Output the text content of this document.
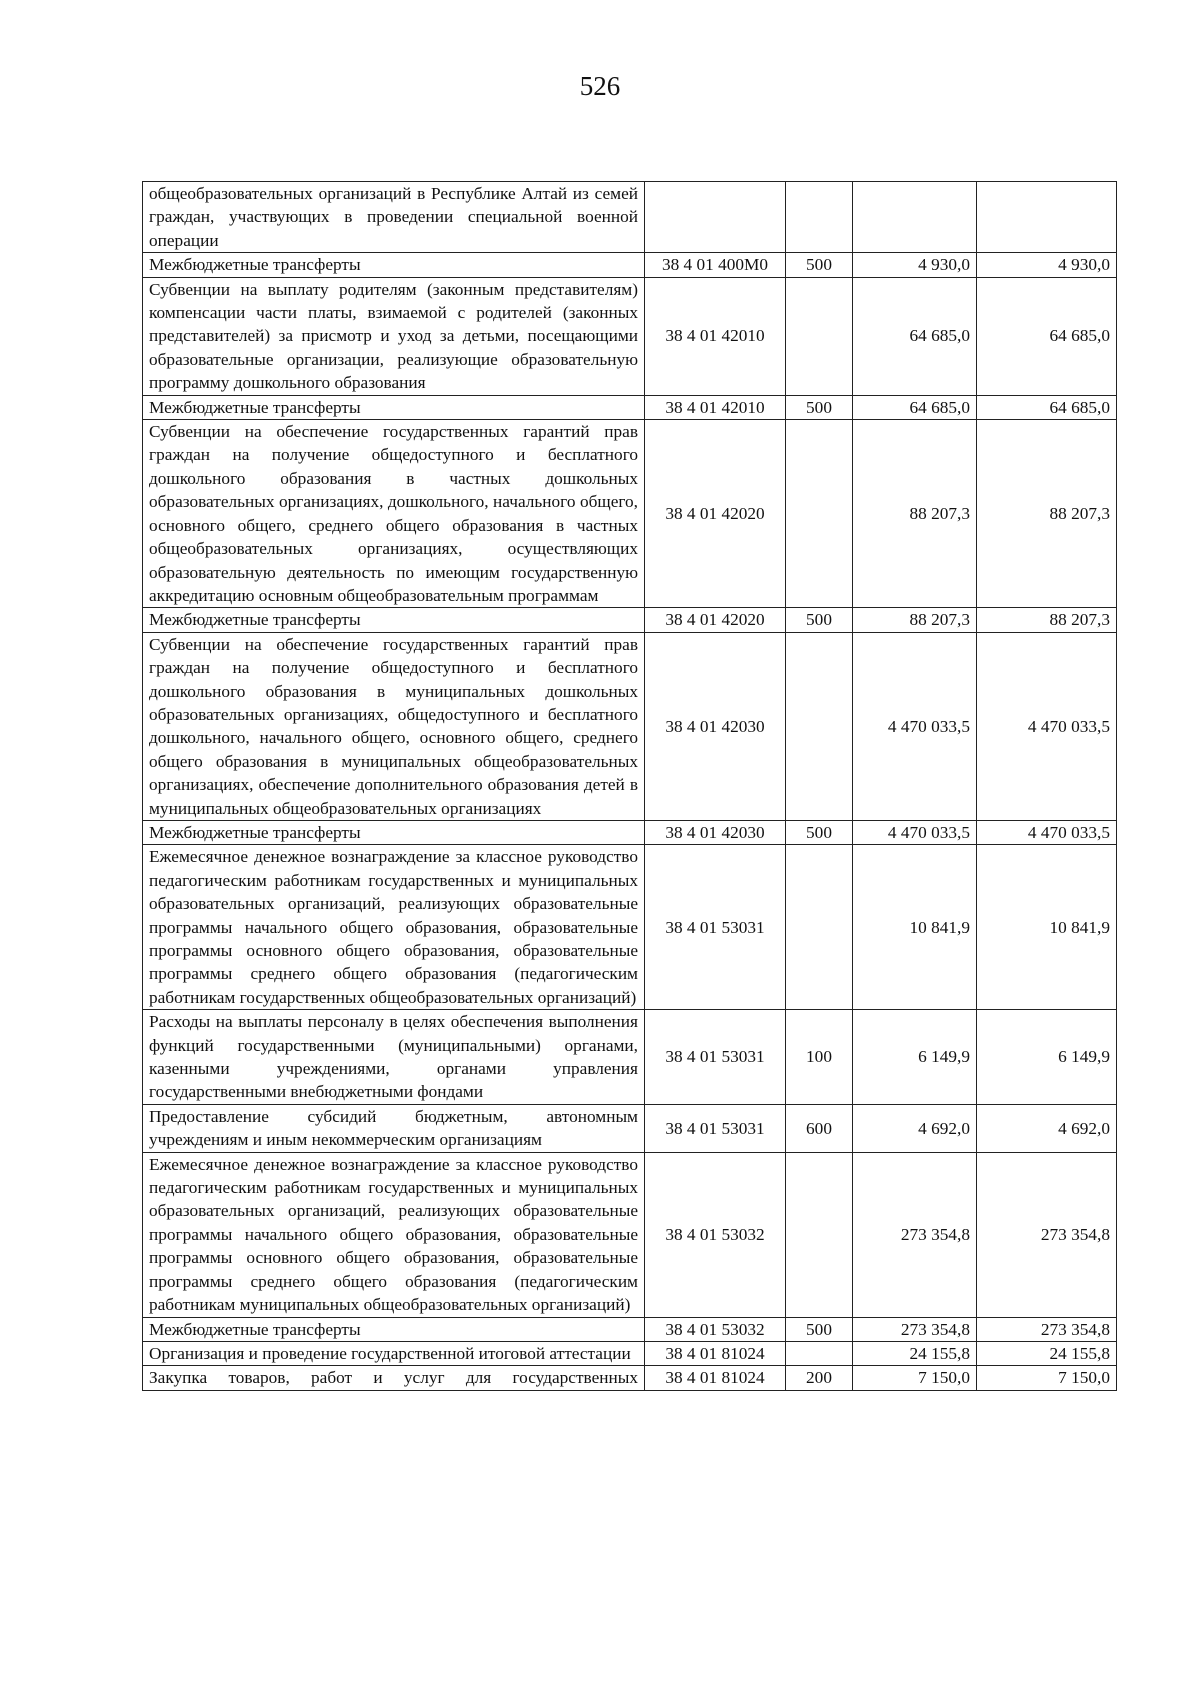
526
общеобразовательных организаций в Республике Алтай из семей граждан, участвующих в проведении специальной военной операции				
Межбюджетные трансферты	38 4 01 400М0	500	4 930,0	4 930,0
Субвенции на выплату родителям (законным представителям) компенсации части платы, взимаемой с родителей (законных представителей) за присмотр и уход за детьми, посещающими образовательные организации, реализующие образовательную программу дошкольного образования	38 4 01 42010		64 685,0	64 685,0
Межбюджетные трансферты	38 4 01 42010	500	64 685,0	64 685,0
Субвенции на обеспечение государственных гарантий прав граждан на получение общедоступного и бесплатного дошкольного образования в частных дошкольных образовательных организациях, дошкольного, начального общего, основного общего, среднего общего образования в частных общеобразовательных организациях, осуществляющих образовательную деятельность по имеющим государственную аккредитацию основным общеобразовательным программам	38 4 01 42020		88 207,3	88 207,3
Межбюджетные трансферты	38 4 01 42020	500	88 207,3	88 207,3
Субвенции на обеспечение государственных гарантий прав граждан на получение общедоступного и бесплатного дошкольного образования в муниципальных дошкольных образовательных организациях, общедоступного и бесплатного дошкольного, начального общего, основного общего, среднего общего образования в муниципальных общеобразовательных организациях, обеспечение дополнительного образования детей в муниципальных общеобразовательных организациях	38 4 01 42030		4 470 033,5	4 470 033,5
Межбюджетные трансферты	38 4 01 42030	500	4 470 033,5	4 470 033,5
Ежемесячное денежное вознаграждение за классное руководство педагогическим работникам государственных и муниципальных образовательных организаций, реализующих образовательные программы начального общего образования, образовательные программы основного общего образования, образовательные программы среднего общего образования (педагогическим работникам государственных общеобразовательных организаций)	38 4 01 53031		10 841,9	10 841,9
Расходы на выплаты персоналу в целях обеспечения выполнения функций государственными (муниципальными) органами, казенными учреждениями, органами управления государственными внебюджетными фондами	38 4 01 53031	100	6 149,9	6 149,9
Предоставление субсидий бюджетным, автономным учреждениям и иным некоммерческим организациям	38 4 01 53031	600	4 692,0	4 692,0
Ежемесячное денежное вознаграждение за классное руководство педагогическим работникам государственных и муниципальных образовательных организаций, реализующих образовательные программы начального общего образования, образовательные программы основного общего образования, образовательные программы среднего общего образования (педагогическим работникам муниципальных общеобразовательных организаций)	38 4 01 53032		273 354,8	273 354,8
Межбюджетные трансферты	38 4 01 53032	500	273 354,8	273 354,8
Организация и проведение государственной итоговой аттестации	38 4 01 81024		24 155,8	24 155,8
Закупка товаров, работ и услуг для государственных	38 4 01 81024	200	7 150,0	7 150,0
